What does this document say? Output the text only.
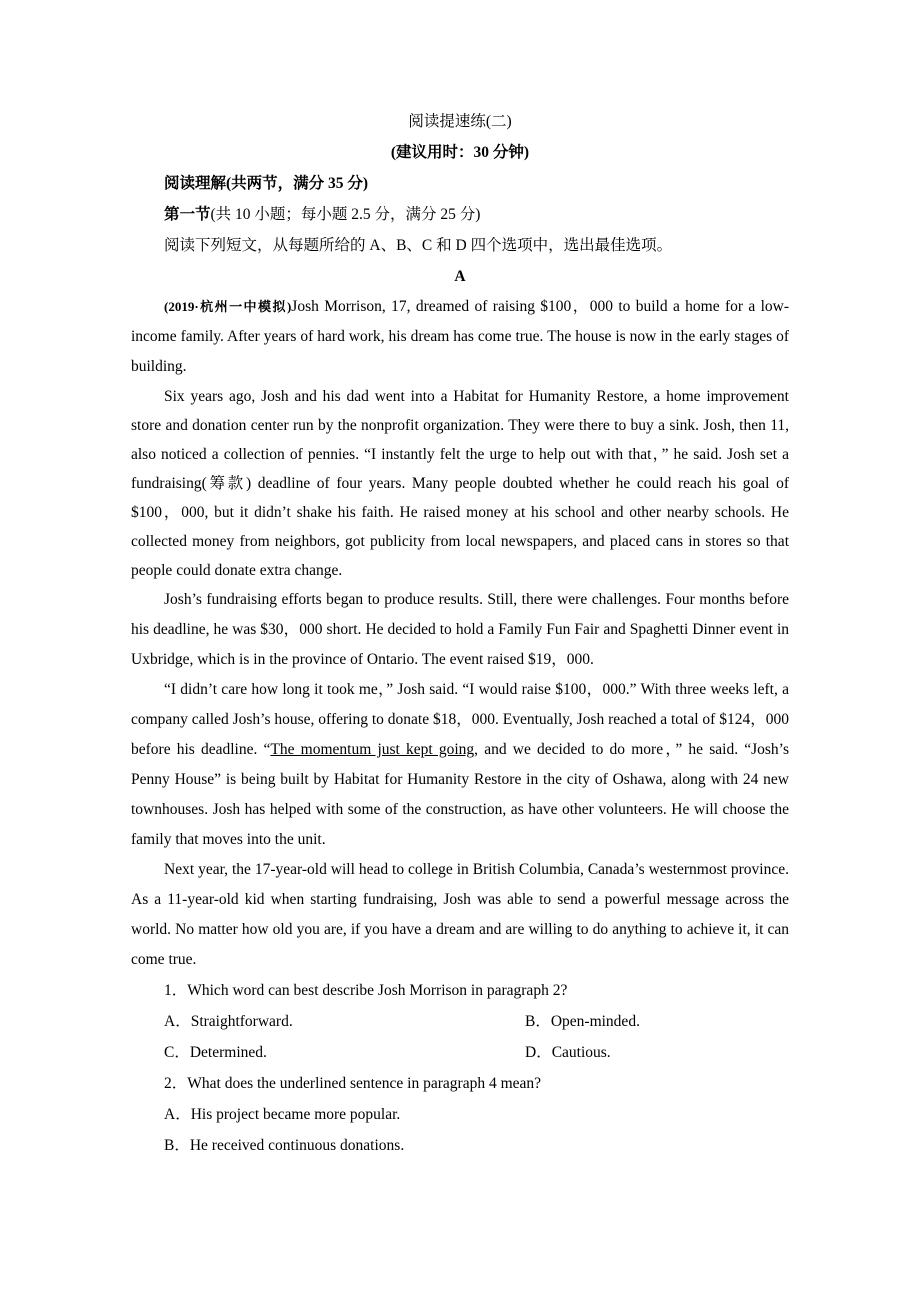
阅读提速练(二)

(建议用时：30 分钟)

阅读理解(共两节，满分 35 分)

第一节(共 10 小题；每小题 2.5 分，满分 25 分)

阅读下列短文，从每题所给的 A、B、C 和 D 四个选项中，选出最佳选项。

A

(2019·杭州一中模拟)Josh Morrison, 17, dreamed of raising $100，000 to build a home for a low-income family. After years of hard work, his dream has come true. The house is now in the early stages of building.

Six years ago, Josh and his dad went into a Habitat for Humanity Restore, a home improvement store and donation center run by the nonprofit organization. They were there to buy a sink. Josh, then 11, also noticed a collection of pennies. “I instantly felt the urge to help out with that，” he said. Josh set a fundraising(筹款) deadline of four years. Many people doubted whether he could reach his goal of $100，000, but it didn’t shake his faith. He raised money at his school and other nearby schools. He collected money from neighbors, got publicity from local newspapers, and placed cans in stores so that people could donate extra change.

Josh’s fundraising efforts began to produce results. Still, there were challenges. Four months before his deadline, he was $30，000 short. He decided to hold a Family Fun Fair and Spaghetti Dinner event in Uxbridge, which is in the province of Ontario. The event raised $19，000.

“I didn’t care how long it took me，” Josh said. “I would raise $100，000.” With three weeks left, a company called Josh’s house, offering to donate $18，000. Eventually, Josh reached a total of $124，000 before his deadline. “The momentum just kept going, and we decided to do more，” he said. “Josh’s Penny House” is being built by Habitat for Humanity Restore in the city of Oshawa, along with 24 new townhouses. Josh has helped with some of the construction, as have other volunteers. He will choose the family that moves into the unit.

Next year, the 17-year-old will head to college in British Columbia, Canada’s westernmost province. As a 11-year-old kid when starting fundraising, Josh was able to send a powerful message across the world. No matter how old you are, if you have a dream and are willing to do anything to achieve it, it can come true.

1．Which word can best describe Josh Morrison in paragraph 2?

A．Straightforward.	B．Open-minded.
C．Determined.	D．Cautious.

2．What does the underlined sentence in paragraph 4 mean?

A．His project became more popular.

B．He received continuous donations.
